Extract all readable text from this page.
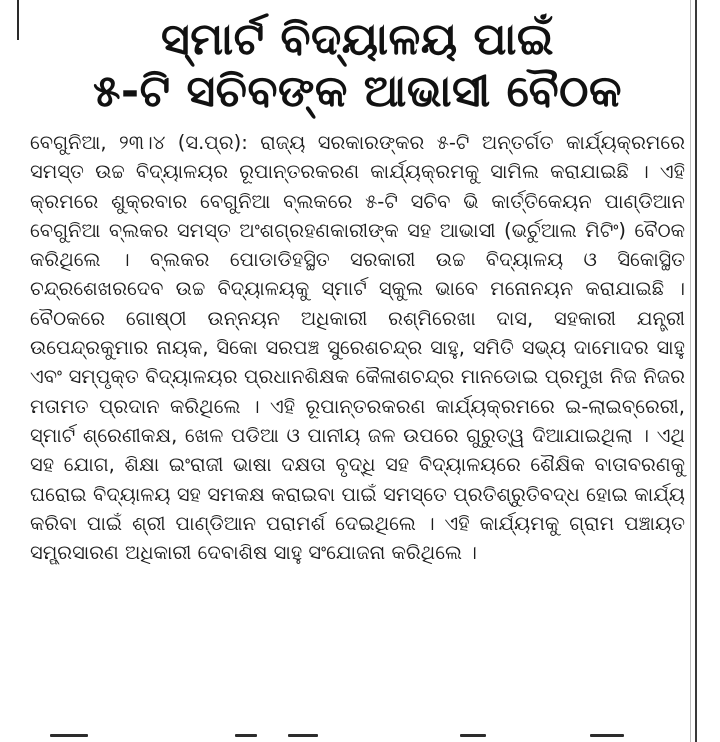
ସ୍ମାର୍ଟ ବିଦ୍ୟାଳୟ ପାଇଁ
୫-ଟି ସଚିବଙ୍କ ଆଭାସୀ ବୈଠକ

ବେଗୁନିଆ, ୨୩।୪ (ସ.ପ୍ର): ରାଜ୍ୟ ସରକାରଙ୍କର ୫-ଟି ଅନ୍ତର୍ଗତ କାର୍ଯ୍ୟକ୍ରମରେ ସମସ୍ତ ଉଚ୍ଚ ବିଦ୍ୟାଳୟର ରୂପାନ୍ତରକରଣ କାର୍ଯ୍ୟକ୍ରମକୁ ସାମିଲ କରାଯାଇଛି । ଏହି କ୍ରମରେ ଶୁକ୍ରବାର ବେଗୁନିଆ ବ୍ଲକରେ ୫-ଟି ସଚିବ ଭି କାର୍ତ୍ତିକେୟନ ପାଣ୍ଡିଆନ ବେଗୁନିଆ ବ୍ଲକର ସମସ୍ତ ଅଂଶଗ୍ରହଣକାରୀଙ୍କ ସହ ଆଭାସୀ (ଭର୍ଚୁଆଲ ମିଟିଂ) ବୈଠକ କରିଥିଲେ । ବ୍ଲକର ପୋଡାଡିହସ୍ଥିତ ସରକାରୀ ଉଚ୍ଚ ବିଦ୍ୟାଳୟ ଓ ସିକୋସ୍ଥିତ ଚନ୍ଦ୍ରଶେଖରଦେବ ଉଚ୍ଚ ବିଦ୍ୟାଳୟକୁ ସ୍ମାର୍ଟ ସ୍କୁଲ ଭାବେ ମନୋନୟନ କରାଯାଇଛି । ବୈଠକରେ ଗୋଷ୍ଠୀ ଉନ୍ନୟନ ଅଧିକାରୀ ରଶ୍ମିରେଖା ଦାସ, ସହକାରୀ ଯନ୍ତ୍ରୀ ଉପେନ୍ଦ୍ରକୁମାର ନାୟକ, ସିକୋ ସରପଞ୍ଚ ସୁରେଶଚନ୍ଦ୍ର ସାହୁ, ସମିତି ସଭ୍ୟ ଦାମୋଦର ସାହୁ ଏବଂ ସମ୍ପୃକ୍ତ ବିଦ୍ୟାଳୟର ପ୍ରଧାନଶିକ୍ଷକ କୈଳାଶଚନ୍ଦ୍ର ମାନଡୋଇ ପ୍ରମୁଖ ନିଜ ନିଜର ମତାମତ ପ୍ରଦାନ କରିଥିଲେ । ଏହି ରୂପାନ୍ତରକରଣ କାର୍ଯ୍ୟକ୍ରମରେ ଇ-ଲାଇବ୍ରେରୀ, ସ୍ମାର୍ଟ ଶ୍ରେଣୀକକ୍ଷ, ଖେଳ ପଡିଆ ଓ ପାନୀୟ ଜଳ ଉପରେ ଗୁରୁତ୍ୱ ଦିଆଯାଇଥିଲା । ଏଥି ସହ ଯୋଗ, ଶିକ୍ଷା ଇଂରାଜୀ ଭାଷା ଦକ୍ଷତା ବୃଦ୍ଧି ସହ ବିଦ୍ୟାଳୟରେ ଶୈକ୍ଷିକ ବାତାବରଣକୁ ଘରୋଇ ବିଦ୍ୟାଳୟ ସହ ସମକକ୍ଷ କରାଇବା ପାଇଁ ସମସ୍ତେ ପ୍ରତିଶ୍ରୁତିବଦ୍ଧ ହୋଇ କାର୍ଯ୍ୟ କରିବା ପାଇଁ ଶ୍ରୀ ପାଣ୍ଡିଆନ ପରାମର୍ଶ ଦେଇଥିଲେ । ଏହି କାର୍ଯ୍ୟମକୁ ଗ୍ରାମ ପଞ୍ଚାୟତ ସମ୍ପ୍ରସାରଣ ଅଧିକାରୀ ଦେବାଶିଷ ସାହୁ ସଂଯୋଜନା କରିଥିଲେ ।
